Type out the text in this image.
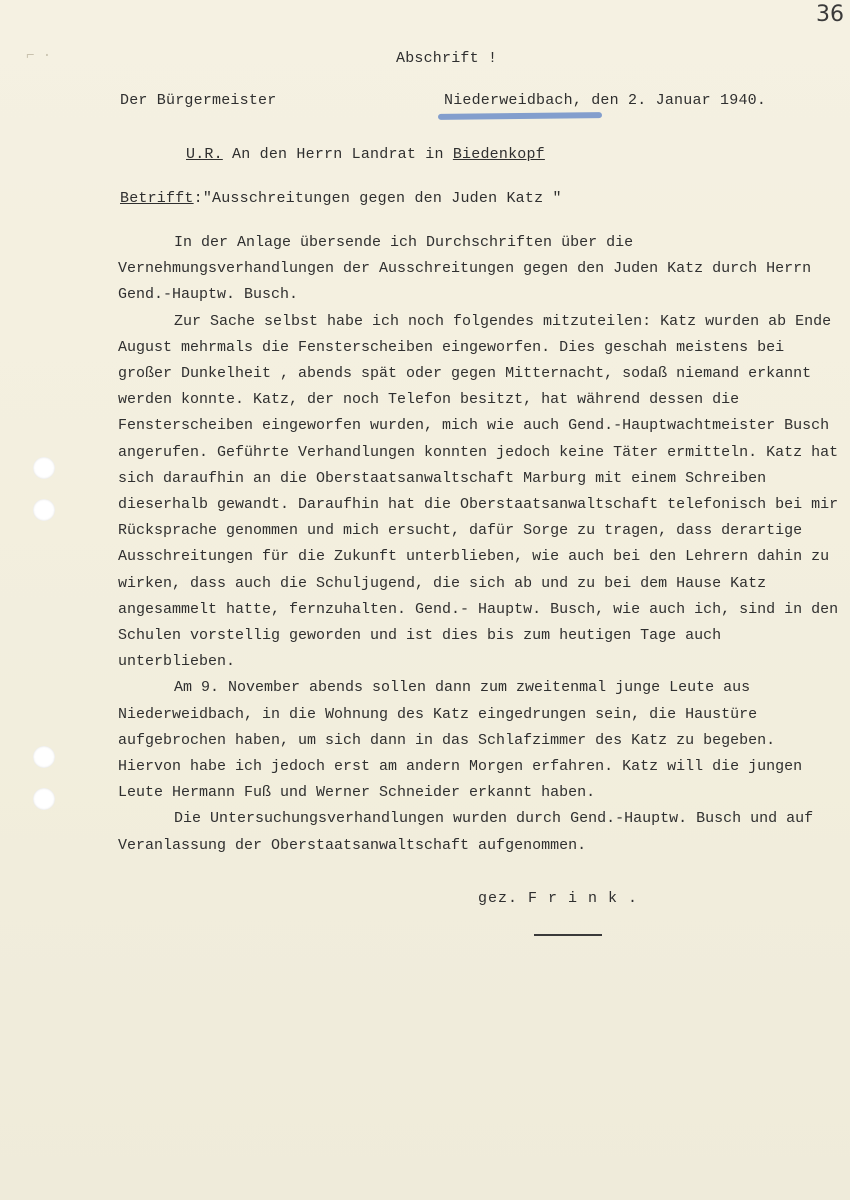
⌐ ·
36
Abschrift !
Der Bürgermeister	Niederweidbach, den 2. Januar 1940.
U.R. An den Herrn Landrat in Biedenkopf
Betrifft:"Ausschreitungen gegen den Juden Katz "

In der Anlage übersende ich Durchschriften über die Vernehmungsverhandlungen der Ausschreitungen gegen den Juden Katz durch Herrn Gend.-Hauptw. Busch.

Zur Sache selbst habe ich noch folgendes mitzuteilen: Katz wurden ab Ende August mehrmals die Fensterscheiben eingeworfen. Dies geschah meistens bei großer Dunkelheit , abends spät oder gegen Mitternacht, sodaß niemand erkannt werden konnte. Katz, der noch Telefon besitzt, hat während dessen die Fensterscheiben eingeworfen wurden, mich wie auch Gend.-Hauptwachtmeister Busch angerufen. Geführte Verhandlungen konnten jedoch keine Täter ermitteln. Katz hat sich daraufhin an die Oberstaatsanwaltschaft Marburg mit einem Schreiben dieserhalb gewandt. Daraufhin hat die Oberstaatsanwaltschaft telefonisch bei mir Rücksprache genommen und mich ersucht, dafür Sorge zu tragen, dass derartige Ausschreitungen für die Zukunft unterblieben, wie auch bei den Lehrern dahin zu wirken, dass auch die Schuljugend, die sich ab und zu bei dem Hause Katz angesammelt hatte, fernzuhalten. Gend.- Hauptw. Busch, wie auch ich, sind in den Schulen vorstellig geworden und ist dies bis zum heutigen Tage auch unterblieben.

Am 9. November abends sollen dann zum zweitenmal junge Leute aus Niederweidbach, in die Wohnung des Katz eingedrungen sein, die Haustüre aufgebrochen haben, um sich dann in das Schlafzimmer des Katz zu begeben. Hiervon habe ich jedoch erst am andern Morgen erfahren. Katz will die jungen Leute Hermann Fuß und Werner Schneider erkannt haben.

Die Untersuchungsverhandlungen wurden durch Gend.-Hauptw. Busch und auf Veranlassung der Oberstaatsanwaltschaft aufgenommen.

gez. F r i n k .
